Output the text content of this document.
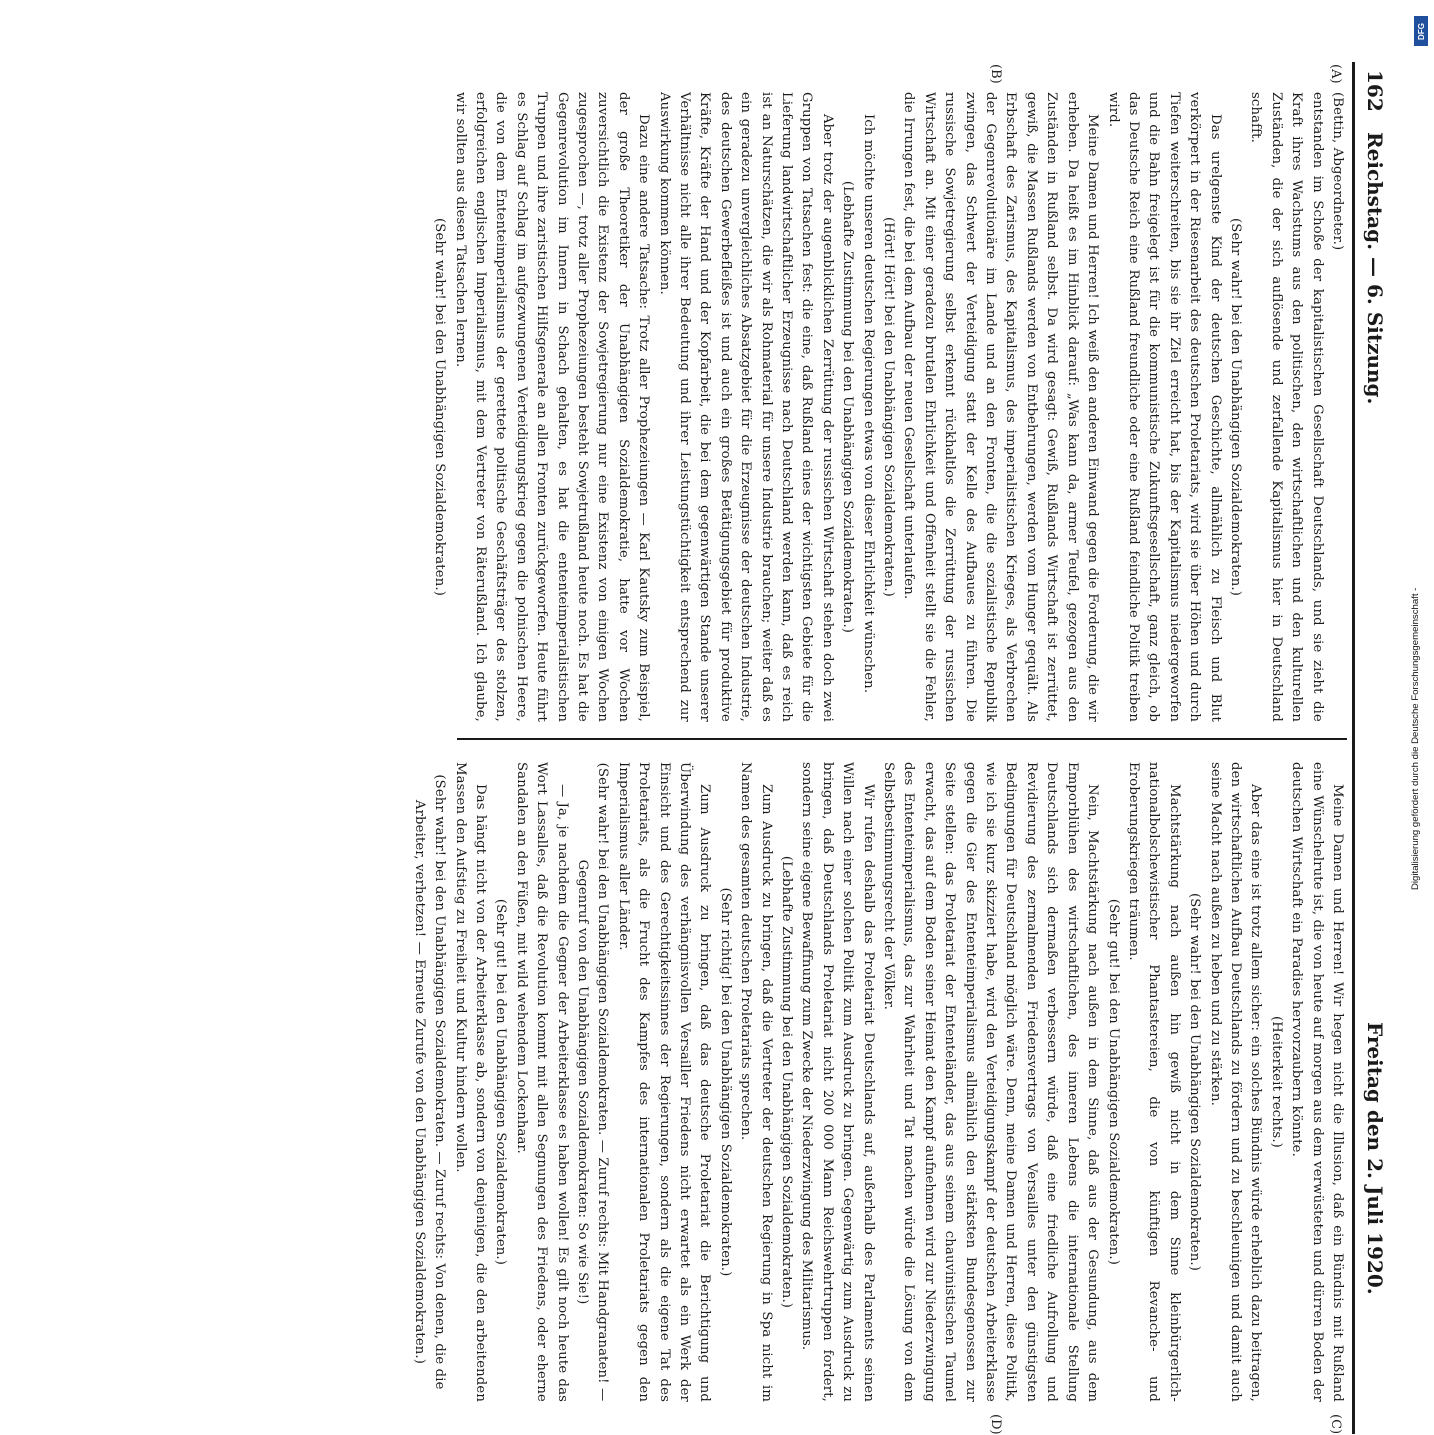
162
Reichstag. — 6. Sitzung.
Freitag den 2. Juli 1920.
(A)
(B)
(C)
(D)

(Bettin, Abgeordneter.)

entstanden im Schoße der kapitalistischen Gesellschaft Deutschlands, und sie zieht die Kraft ihres Wachstums aus den politischen, den wirtschaftlichen und den kulturellen Zuständen, die der sich auflösende und zerfallende Kapitalismus hier in Deutschland schafft.

(Sehr wahr! bei den Unabhängigen Sozialdemokraten.)

Das urelgenste Kind der deutschen Geschichte, allmählich zu Fleisch und Blut verkörpert in der Riesenarbeit des deutschen Proletariats, wird sie über Höhen und durch Tiefen weiterschreiten, bis sie ihr Ziel erreicht hat, bis der Kapitalismus niedergeworfen und die Bahn freigelegt ist für die kommunistische Zukunftsgesellschaft, ganz gleich, ob das Deutsche Reich eine Rußland freundliche oder eine Rußland feindliche Politik treiben wird.

Meine Damen und Herren! Ich weiß den anderen Einwand gegen die Forderung, die wir erheben. Da heißt es im Hinblick darauf: „Was kann da, armer Teufel, gezogen aus den Zuständen in Rußland selbst. Da wird gesagt: Gewiß, Rußlands Wirtschaft ist zerrüttet, gewiß, die Massen Rußlands werden von Entbehrungen, werden vom Hunger gequält. Als Erbschaft des Zarismus, des Kapitalismus, des imperialistischen Krieges, als Verbrechen der Gegenrevolutionäre im Lande und an den Fronten, die die sozialistische Republik zwingen, das Schwert der Verteidigung statt der Kelle des Aufbaues zu führen. Die russische Sowjetregierung selbst erkennt rückhaltlos die Zerrüttung der russischen Wirtschaft an. Mit einer geradezu brutalen Ehrlichkeit und Offenheit stellt sie die Fehler, die Irrungen fest, die bei dem Aufbau der neuen Gesellschaft unterlaufen.

(Hört! Hört! bei den Unabhängigen Sozialdemokraten.)

Ich möchte unseren deutschen Regierungen etwas von dieser Ehrlichkeit wünschen.

(Lebhafte Zustimmung bei den Unabhängigen Sozialdemokraten.)

Aber trotz der augenblicklichen Zerrüttung der russischen Wirtschaft stehen doch zwei Gruppen von Tatsachen fest: die eine, daß Rußland eines der wichtigsten Gebiete für die Lieferung landwirtschaftlicher Erzeugnisse nach Deutschland werden kann, daß es reich ist an Naturschätzen, die wir als Rohmaterial für unsere Industrie brauchen; weiter daß es ein geradezu unvergleichliches Absatzgebiet für die Erzeugnisse der deutschen Industrie, des deutschen Gewerbefleißes ist und auch ein großes Betätigungsgebiet für produktive Kräfte, Kräfte der Hand und der Kopfarbeit, die bei dem gegenwärtigen Stande unserer Verhältnisse nicht alle ihrer Bedeutung und ihrer Leistungstüchtigkeit entsprechend zur Auswirkung kommen können.

Dazu eine andere Tatsache: Trotz aller Prophezeiungen — Karl Kautsky zum Beispiel, der große Theoretiker der Unabhängigen Sozialdemokratie, hatte vor Wochen zuversichtlich die Existenz der Sowjetregierung nur eine Existenz von einigen Wochen zugesprochen —, trotz aller Prophezeiungen besteht Sowjetrußland heute noch. Es hat die Gegenrevolution im Innern in Schach gehalten, es hat die ententeimperialistischen Truppen und ihre zaristischen Hilfsgenerale an allen Fronten zurückgeworfen. Heute führt es Schlag auf Schlag im aufgezwungenen Verteidigungskrieg gegen die polnischen Heere, die von dem Ententeimperialismus der gerettete politische Geschäftsträger des stolzen, erfolgreichen englischen Imperialismus, mit dem Vertreter von Räterußland. Ich glaube, wir sollten aus diesen Tatsachen lernen.

(Sehr wahr! bei den Unabhängigen Sozialdemokraten.)

Meine Damen und Herren! Wir hegen nicht die Illusion, daß ein Bündnis mit Rußland eine Wünschelrute ist, die von heute auf morgen aus dem verwüsteten und dürren Boden der deutschen Wirtschaft ein Paradies hervorzaubern könnte.

(Heiterkeit rechts.)

Aber das eine ist trotz allem sicher: ein solches Bündnis würde erheblich dazu beitragen, den wirtschaftlichen Aufbau Deutschlands zu fördern und zu beschleunigen und damit auch seine Macht nach außen zu heben und zu stärken.

(Sehr wahr! bei den Unabhängigen Sozialdemokraten.)

Machtstärkung nach außen hin gewiß nicht in dem Sinne kleinbürgerlich-nationalbolschewistischer Phantastereien, die von künftigen Revanche- und Eroberungskriegen träumen.

(Sehr gut! bei den Unabhängigen Sozialdemokraten.)

Nein, Machtstärkung nach außen in dem Sinne, daß aus der Gesundung, aus dem Emporblühen des wirtschaftlichen, des inneren Lebens die internationale Stellung Deutschlands sich dermaßen verbessern würde, daß eine friedliche Aufrollung und Revidierung des zermalmenden Friedensvertrags von Versailles unter den günstigsten Bedingungen für Deutschland möglich wäre. Denn, meine Damen und Herren, diese Politik, wie ich sie kurz skizziert habe, wird den Verteidigungskampf der deutschen Arbeiterklasse gegen die Gier des Ententeimperialismus allmählich den stärksten Bundesgenossen zur Seite stellen: das Proletariat der Ententeländer, das aus seinem chauvinistischen Taumel erwacht, das auf dem Boden seiner Heimat den Kampf aufnehmen wird zur Niederzwingung des Ententeimperialismus, das zur Wahrheit und Tat machen würde die Lösung von dem Selbstbestimmungsrecht der Völker.

Wir rufen deshalb das Proletariat Deutschlands auf, außerhalb des Parlaments seinen Willen nach einer solchen Politik zum Ausdruck zu bringen. Gegenwärtig zum Ausdruck zu bringen, daß Deutschlands Proletariat nicht 200 000 Mann Reichswehrtruppen fordert, sondern seine eigene Bewaffnung zum Zwecke der Niederzwingung des Militarismus.

(Lebhafte Zustimmung bei den Unabhängigen Sozialdemokraten.)

Zum Ausdruck zu bringen, daß die Vertreter der deutschen Regierung in Spa nicht im Namen des gesamten deutschen Proletariats sprechen.

(Sehr richtig! bei den Unabhängigen Sozialdemokraten.)

Zum Ausdruck zu bringen, daß das deutsche Proletariat die Berichtigung und Überwindung des verhängnisvollen Versailler Friedens nicht erwartet als ein Werk der Einsicht und des Gerechtigkeitssinnes der Regierungen, sondern als die eigene Tat des Proletariats, als die Frucht des Kampfes des internationalen Proletariats gegen den Imperialismus aller Länder.

(Sehr wahr! bei den Unabhängigen Sozialdemokraten. — Zuruf rechts: Mit Handgranaten! — Gegenruf von den Unabhängigen Sozialdemokraten: So wie Sie!)

— Ja, je nachdem die Gegner der Arbeiterklasse es haben wollen! Es gilt noch heute das Wort Lassalles, daß die Revolution kommt mit allen Segnungen des Friedens, oder eherne Sandalen an den Füßen, mit wild wehendem Lockenhaar.

(Sehr gut! bei den Unabhängigen Sozialdemokraten.)

Das hängt nicht von der Arbeiterklasse ab, sondern von denjenigen, die den arbeitenden Massen den Aufstieg zu Freiheit und Kultur hindern wollen.

(Sehr wahr! bei den Unabhängigen Sozialdemokraten. — Zuruf rechts: Von denen, die die Arbeiter, verhetzen! — Erneute Zurufe von den Unabhängigen Sozialdemokraten.)

Digitalisierung gefördert durch die Deutsche Forschungsgemeinschaft -
DFG
